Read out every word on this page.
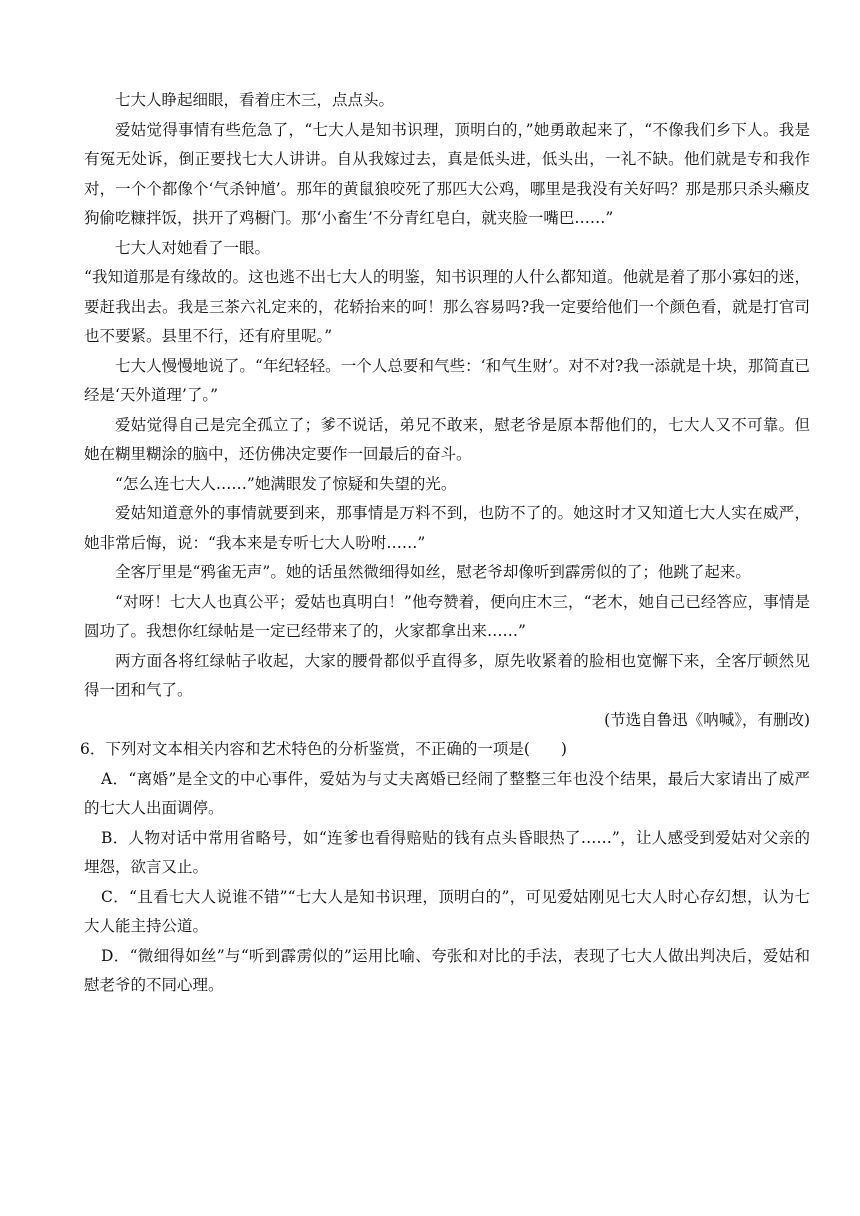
七大人睁起细眼，看着庄木三，点点头。

爱姑觉得事情有些危急了，“七大人是知书识理，顶明白的，”她勇敢起来了，“不像我们乡下人。我是有冤无处诉，倒正要找七大人讲讲。自从我嫁过去，真是低头进，低头出，一礼不缺。他们就是专和我作对，一个个都像个‘气杀钟馗’。那年的黄鼠狼咬死了那匹大公鸡，哪里是我没有关好吗？那是那只杀头癞皮狗偷吃糠拌饭，拱开了鸡橱门。那‘小畜生’不分青红皂白，就夹脸一嘴巴……”

七大人对她看了一眼。

“我知道那是有缘故的。这也逃不出七大人的明鉴，知书识理的人什么都知道。他就是着了那小寡妇的迷，要赶我出去。我是三茶六礼定来的，花轿抬来的呵！那么容易吗?我一定要给他们一个颜色看，就是打官司也不要紧。县里不行，还有府里呢。”

七大人慢慢地说了。“年纪轻轻。一个人总要和气些：‘和气生财’。对不对?我一添就是十块，那简直已经是‘天外道理’了。”

爱姑觉得自己是完全孤立了；爹不说话，弟兄不敢来，慰老爷是原本帮他们的，七大人又不可靠。但她在糊里糊涂的脑中，还仿佛决定要作一回最后的奋斗。

“怎么连七大人……”她满眼发了惊疑和失望的光。

爱姑知道意外的事情就要到来，那事情是万料不到，也防不了的。她这时才又知道七大人实在威严，她非常后悔，说：“我本来是专听七大人吩咐……”

全客厅里是“鸦雀无声”。她的话虽然微细得如丝，慰老爷却像听到霹雳似的了；他跳了起来。

“对呀！七大人也真公平；爱姑也真明白！”他夸赞着，便向庄木三，“老木，她自己已经答应，事情是圆功了。我想你红绿帖是一定已经带来了的，火家都拿出来……”

两方面各将红绿帖子收起，大家的腰骨都似乎直得多，原先收紧着的脸相也宽懈下来，全客厅顿然见得一团和气了。

(节选自鲁迅《呐喊》，有删改)

6．下列对文本相关内容和艺术特色的分析鉴赏，不正确的一项是(　　)

A．“离婚”是全文的中心事件，爱姑为与丈夫离婚已经闹了整整三年也没个结果，最后大家请出了威严的七大人出面调停。

B．人物对话中常用省略号，如“连爹也看得赔贴的钱有点头昏眼热了……”，让人感受到爱姑对父亲的埋怨，欲言又止。

C．“且看七大人说谁不错”“七大人是知书识理，顶明白的”，可见爱姑刚见七大人时心存幻想，认为七大人能主持公道。

D．“微细得如丝”与“听到霹雳似的”运用比喻、夸张和对比的手法，表现了七大人做出判决后，爱姑和慰老爷的不同心理。
